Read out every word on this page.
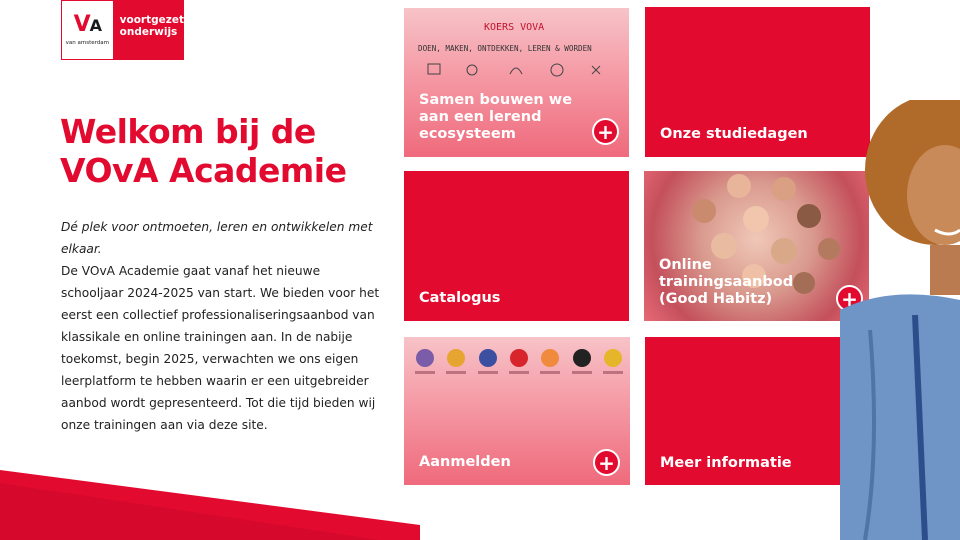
VA
van amsterdam
voortgezet
onderwijs
Welkom bij de VOvA Academie
Dé plek voor ontmoeten, leren en ontwikkelen met elkaar.
De VOvA Academie gaat vanaf het nieuwe schooljaar 2024-2025 van start. We bieden voor het eerst een collectief professionaliseringsaanbod van klassikale en online trainingen aan. In de nabije toekomst, begin 2025, verwachten we ons eigen leerplatform te hebben waarin er een uitgebreider aanbod wordt gepresenteerd. Tot die tijd bieden wij onze trainingen aan via deze site.
KOERS VOVA
DOEN, MAKEN, ONTDEKKEN, LEREN & WORDEN
Samen bouwen we aan een lerend ecosysteem	+	Onze studiedagen +
Catalogus	+
Online trainingsaanbod (Good Habitz)	+
Aanmelden	+	Meer informatie
